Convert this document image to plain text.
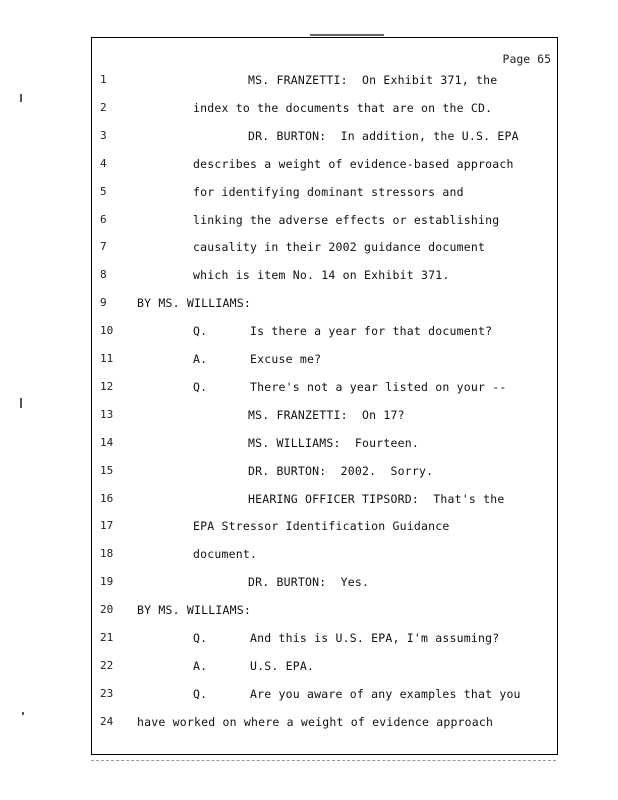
Page 65
1	MS. FRANZETTI:  On Exhibit 371, the
2	index to the documents that are on the CD.
3	DR. BURTON:  In addition, the U.S. EPA
4	describes a weight of evidence-based approach
5	for identifying dominant stressors and
6	linking the adverse effects or establishing
7	causality in their 2002 guidance document
8	which is item No. 14 on Exhibit 371.
9	BY MS. WILLIAMS:
10	Q.      Is there a year for that document?
11	A.      Excuse me?
12	Q.      There's not a year listed on your --
13	MS. FRANZETTI:  On 17?
14	MS. WILLIAMS:  Fourteen.
15	DR. BURTON:  2002.  Sorry.
16	HEARING OFFICER TIPSORD:  That's the
17	EPA Stressor Identification Guidance
18	document.
19	DR. BURTON:  Yes.
20	BY MS. WILLIAMS:
21	Q.      And this is U.S. EPA, I'm assuming?
22	A.      U.S. EPA.
23	Q.      Are you aware of any examples that you
24	have worked on where a weight of evidence approach
